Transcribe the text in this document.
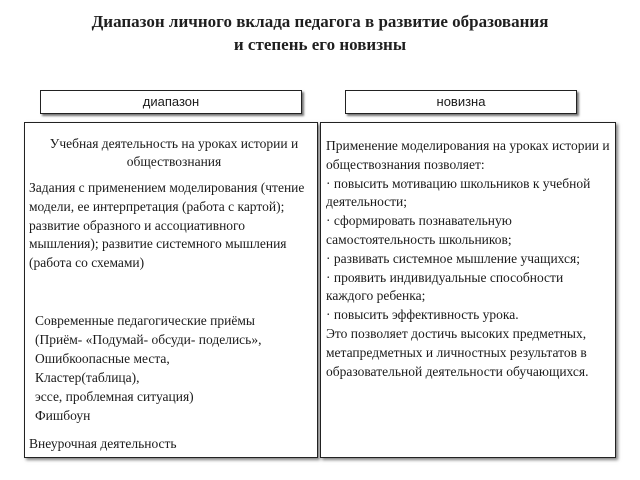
Диапазон личного вклада педагога в развитие образования
и степень его новизны
диапазон	новизна
Учебная деятельность на уроках истории и обществознания
Задания с применением моделирования (чтение модели, ее интерпретация (работа с картой); развитие образного и ассоциативного мышления); развитие системного мышления (работа со схемами)
Современные педагогические приёмы
(Приём- «Подумай- обсуди- поделись»,
Ошибкоопасные места,
Кластер(таблица),
эссе, проблемная ситуация)
Фишбоун
Внеурочная деятельность
Применение моделирования на уроках истории и обществознания позволяет:
· повысить мотивацию школьников к учебной деятельности;
· сформировать познавательную самостоятельность школьников;
· развивать системное мышление учащихся;
· проявить индивидуальные способности каждого ребенка;
· повысить эффективность урока.
Это позволяет достичь высоких предметных, метапредметных и личностных результатов в образовательной деятельности обучающихся.
